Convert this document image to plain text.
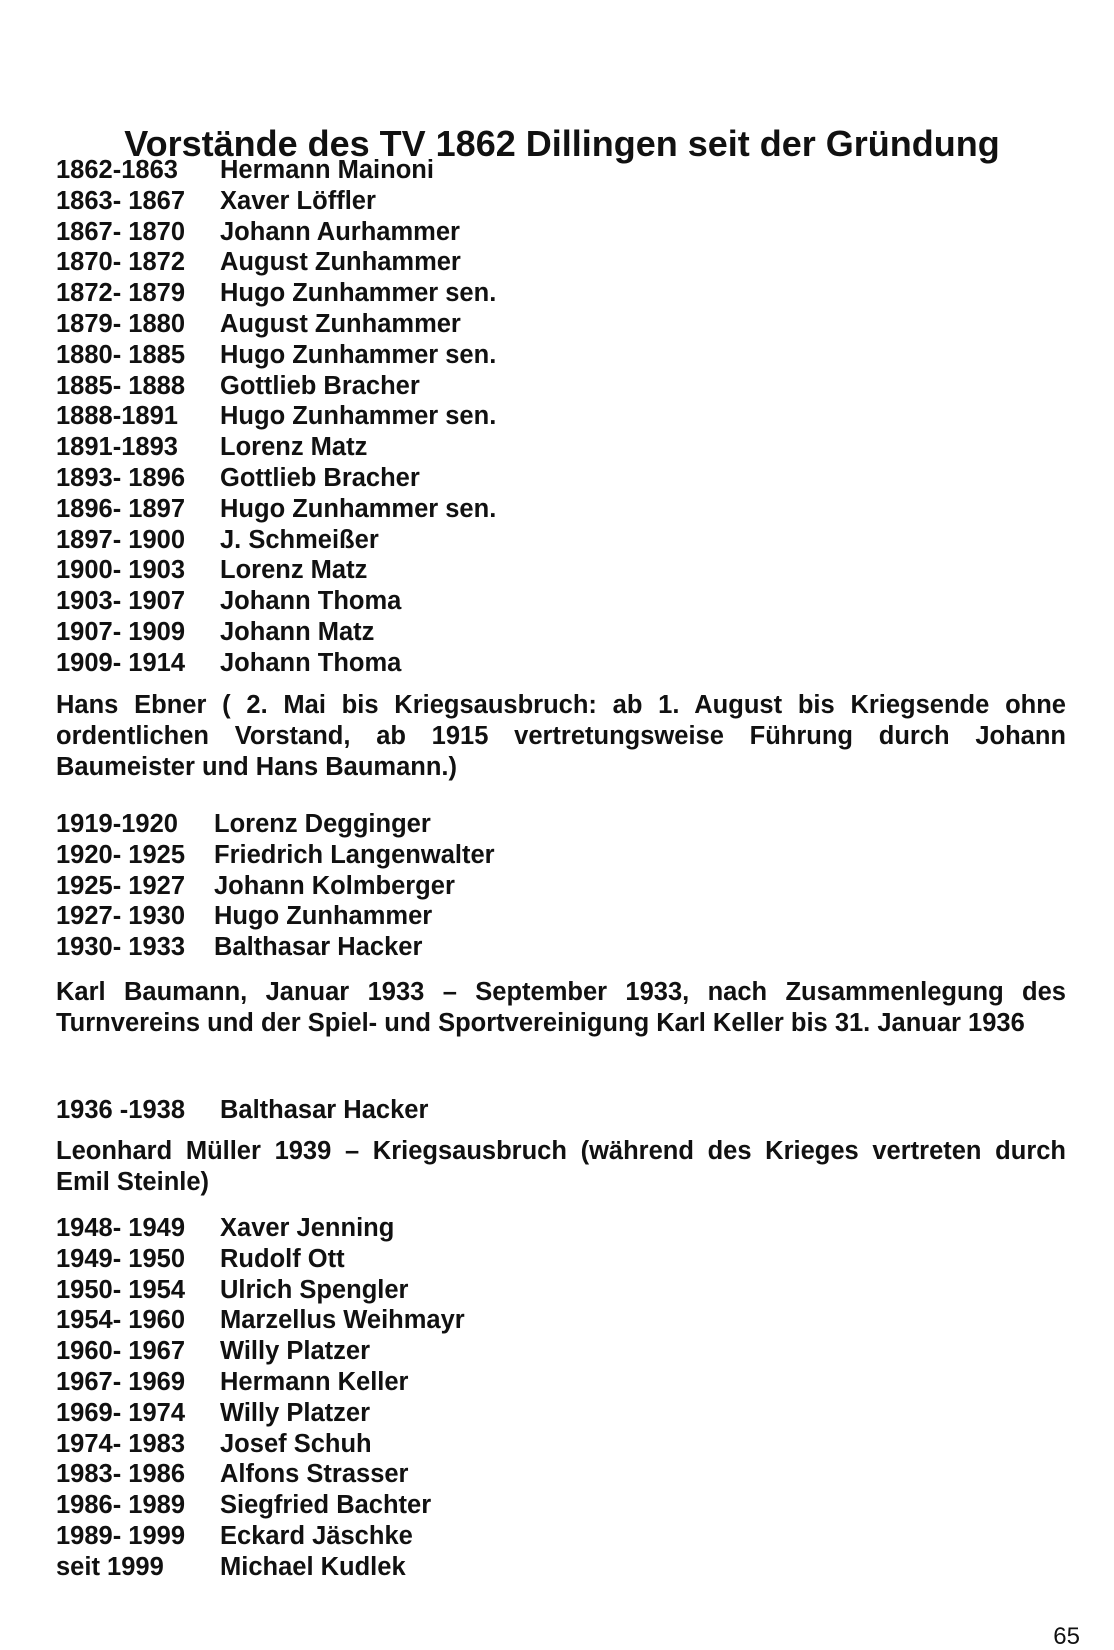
Vorstände des TV 1862 Dillingen seit der Gründung
1862-1863	Hermann Mainoni
1863- 1867	Xaver Löffler
1867- 1870	Johann Aurhammer
1870- 1872	August Zunhammer
1872- 1879	Hugo Zunhammer sen.
1879- 1880	August Zunhammer
1880- 1885	Hugo Zunhammer sen.
1885- 1888	Gottlieb Bracher
1888-1891	Hugo Zunhammer sen.
1891-1893	Lorenz Matz
1893- 1896	Gottlieb Bracher
1896- 1897	Hugo Zunhammer sen.
1897- 1900	J. Schmeißer
1900- 1903	Lorenz Matz
1903- 1907	Johann Thoma
1907- 1909	Johann Matz
1909- 1914	Johann Thoma

Hans Ebner ( 2. Mai bis Kriegsausbruch: ab 1. August bis Kriegsende ohne ordentlichen Vorstand, ab 1915 vertretungsweise Führung durch Johann Baumeister und Hans Baumann.)

1919-1920	Lorenz Degginger
1920- 1925	Friedrich Langenwalter
1925- 1927	Johann Kolmberger
1927- 1930	Hugo Zunhammer
1930- 1933	Balthasar Hacker

Karl Baumann, Januar 1933 – September 1933, nach Zusammenlegung des Turnvereins und der Spiel- und Sportvereinigung Karl Keller bis 31. Januar 1936

1936 -1938	Balthasar Hacker

Leonhard Müller 1939 – Kriegsausbruch (während des Krieges vertreten durch Emil Steinle)

1948- 1949	Xaver Jenning
1949- 1950	Rudolf Ott
1950- 1954	Ulrich Spengler
1954- 1960	Marzellus Weihmayr
1960- 1967	Willy Platzer
1967- 1969	Hermann Keller
1969- 1974	Willy Platzer
1974- 1983	Josef Schuh
1983- 1986	Alfons Strasser
1986- 1989	Siegfried Bachter
1989- 1999	Eckard Jäschke
seit 1999	Michael Kudlek
65
